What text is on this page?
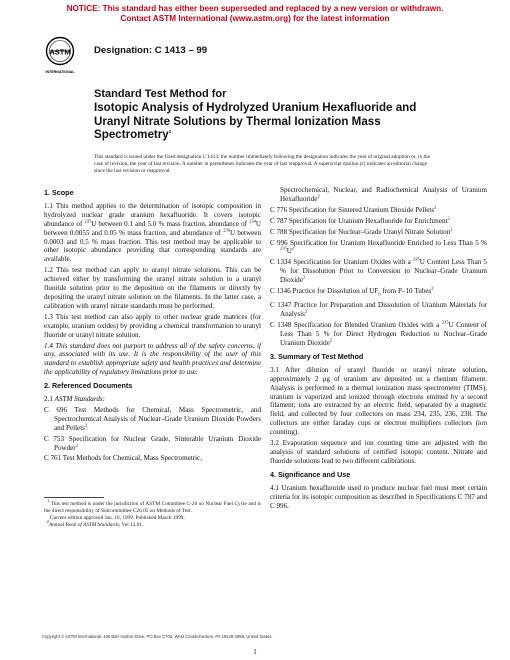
NOTICE: This standard has either been superseded and replaced by a new version or withdrawn.
Contact ASTM International (www.astm.org) for the latest information
ASTM
INTERNATIONAL
Designation: C 1413 – 99
Standard Test Method for
Isotopic Analysis of Hydrolyzed Uranium Hexafluoride and
Uranyl Nitrate Solutions by Thermal Ionization Mass
Spectrometry$^1$
This standard is issued under the fixed designation C 1413; the number immediately following the designation indicates the year of original adoption or, in the case of revision, the year of last revision. A number in parentheses indicates the year of last reapproval. A superscript epsilon (ε) indicates an editorial change since the last revision or reapproval.
1. Scope

1.1 This method applies to the determination of isotopic composition in hydrolyzed nuclear grade uranium hexafluoride. It covers isotopic abundance of $^{235}$U between 0.1 and 5.0 % mass fraction, abundance of $^{234}$U between 0.0055 and 0.05 % mass fraction, and abundance of $^{236}$U between 0.0003 and 0.5 % mass fraction. This test method may be applicable to other isotopic abundance providing that corresponding standards are available.

1.2 This test method can apply to uranyl nitrate solutions. This can be achieved either by transforming the uranyl nitrate solution to a uranyl fluoride solution prior to the deposition on the filaments or directly by depositing the uranyl nitrate solution on the filaments. In the latter case, a calibration with uranyl nitrate standards must be performed.

1.3 This test method can also apply to other nuclear grade matrices (for example, uranium oxides) by providing a chemical transformation to uranyl fluoride or uranyl nitrate solution.

1.4 This standard does not purport to address all of the safety concerns, if any, associated with its use. It is the responsibility of the user of this standard to establish appropriate safety and health practices and determine the applicability of regulatory limitations prior to use.

2. Referenced Documents

2.1 ASTM Standards:

C 696 Test Methods for Chemical, Mass Spectrometric, and Spectrochemical Analysis of Nuclear–Grade Uranium Dioxide Powders and Pellets$^2$

C 753 Specification for Nuclear Grade, Sinterable Uranium Dioxide Powder$^2$

C 761 Test Methods for Chemical, Mass Spectrometric,

$^1$ This test method is under the jurisdiction of ASTM Committee C-26 on Nuclear Fuel Cycle and is the direct responsibility of Subcommittee C26.05 on Methods of Test.

Current edition approved Jan. 10, 1999. Published March 1999.

$^2$Annual Book of ASTM Standards, Vol 12.01.

Spectrochemical, Nuclear, and Radiochemical Analysis of Uranium Hexafluoride$^2$

C 776 Specification for Sintered Uranium Dioxide Pellets$^2$

C 787 Specification for Uranium Hexafluoride for Enrichment$^2$

C 788 Specification for Nuclear–Grade Uranyl Nitrate Solution$^2$

C 996 Specification for Uranium Hexafluoride Enriched to Less Than 5 % $^{235}U^2$

C 1334 Specification for Uranium Oxides with a $^{235}$U Content Less Than 5 % for Dissolution Prior to Conversion to Nuclear–Grade Uranium Dioxide$^2$

C 1346 Practice for Dissolution of $UF_6$ from P–10 Tubes$^2$

C 1347 Practice for Preparation and Dissolution of Uranium Materials for Analysis$^2$

C 1348 Specification for Blended Uranium Oxides with a $^{235}$U Content of Less Than 5 % for Direct Hydrogen Reduction to Nuclear–Grade Uranium Dioxide$^2$

3. Summary of Test Method

3.1 After dilution of uranyl fluoride or uranyl nitrate solution, approximately 2 μg of uranium are deposited on a rhenium filament. Analysis is performed in a thermal ionization mass spectrometer (TIMS), uranium is vaporized and ionized through electrons emitted by a second filament; ions are extracted by an electric field, separated by a magnetic field, and collected by four collectors on mass 234, 235, 236, 238. The collectors are either faraday cups or electron multipliers collectors (ion counting).

3.2 Evaporation sequence and ion counting time are adjusted with the analysis of standard solutions of certified isotopic content. Nitrate and fluoride solutions lead to two different calibrations.

4. Significance and Use

4.1 Uranium hexafluoride used to produce nuclear fuel must meet certain criteria for its isotopic composition as described in Specifications C 787 and C 996.

Copyright © ASTM International, 100 Barr Harbor Drive, PO Box C700, West Conshohocken, PA 19428-2959, United States.
1
